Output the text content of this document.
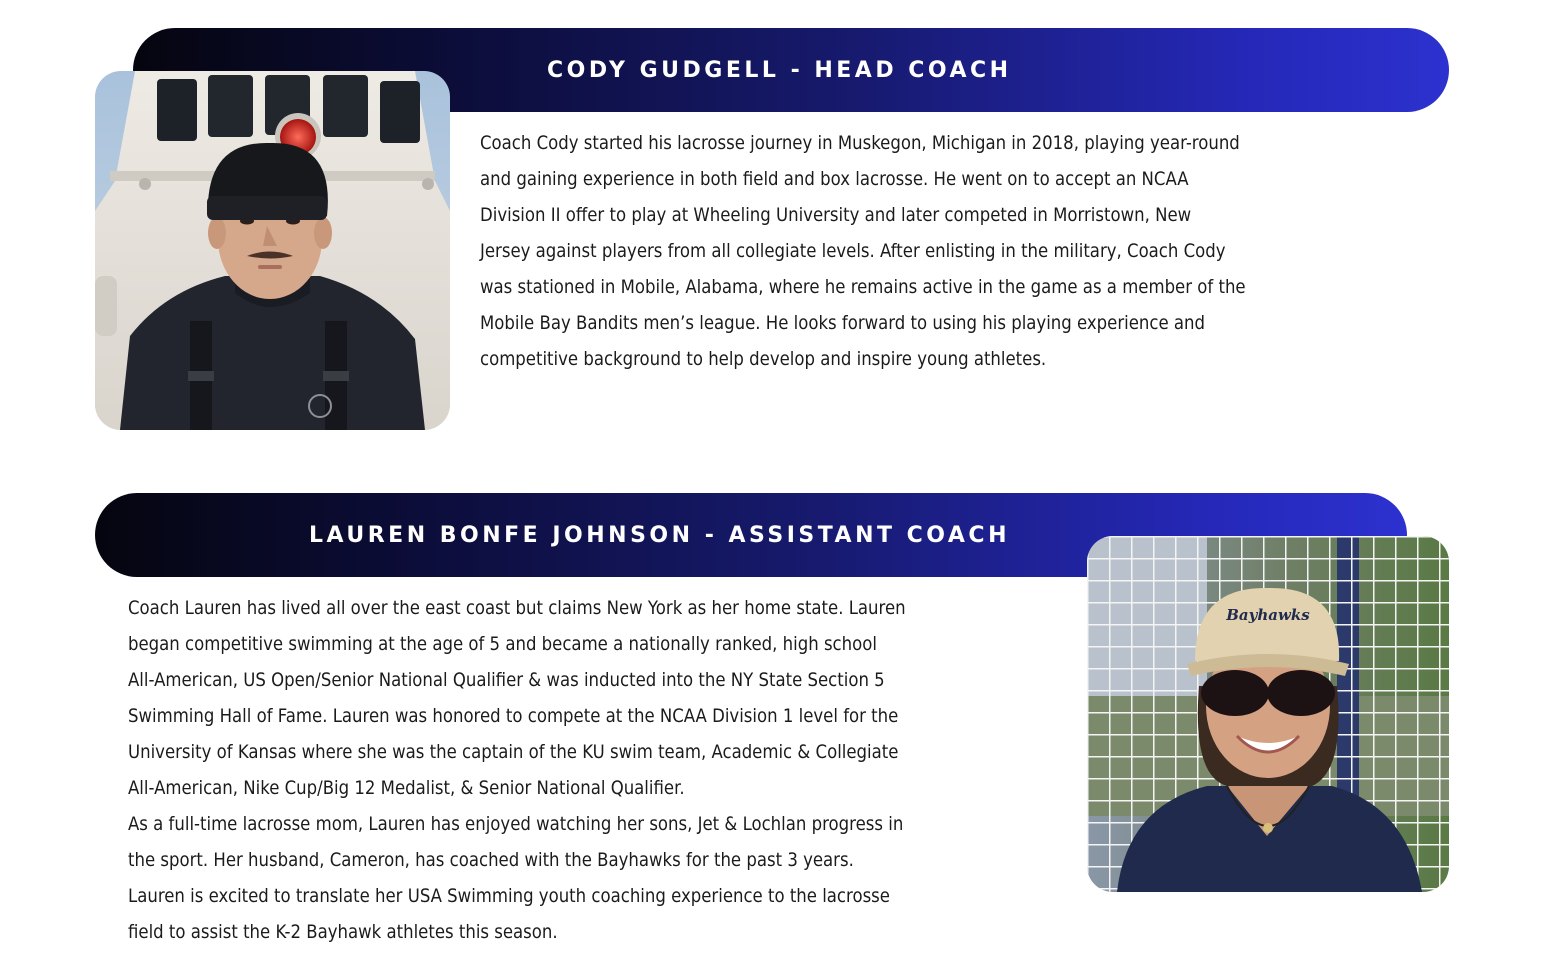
CODY GUDGELL - HEAD COACH

Coach Cody started his lacrosse journey in Muskegon, Michigan in 2018, playing year-round

and gaining experience in both field and box lacrosse. He went on to accept an NCAA

Division II offer to play at Wheeling University and later competed in Morristown, New

Jersey against players from all collegiate levels. After enlisting in the military, Coach Cody

was stationed in Mobile, Alabama, where he remains active in the game as a member of the

Mobile Bay Bandits men’s league. He looks forward to using his playing experience and

competitive background to help develop and inspire young athletes.

LAUREN BONFE JOHNSON - ASSISTANT COACH
Bayhawks

Coach Lauren has lived all over the east coast but claims New York as her home state. Lauren

began competitive swimming at the age of 5 and became a nationally ranked, high school

All-American, US Open/Senior National Qualifier & was inducted into the NY State Section 5

Swimming Hall of Fame. Lauren was honored to compete at the NCAA Division 1 level for the

University of Kansas where she was the captain of the KU swim team, Academic & Collegiate

All-American, Nike Cup/Big 12 Medalist, & Senior National Qualifier.

As a full-time lacrosse mom, Lauren has enjoyed watching her sons, Jet & Lochlan progress in

the sport. Her husband, Cameron, has coached with the Bayhawks for the past 3 years.

Lauren is excited to translate her USA Swimming youth coaching experience to the lacrosse

field to assist the K-2 Bayhawk athletes this season.
